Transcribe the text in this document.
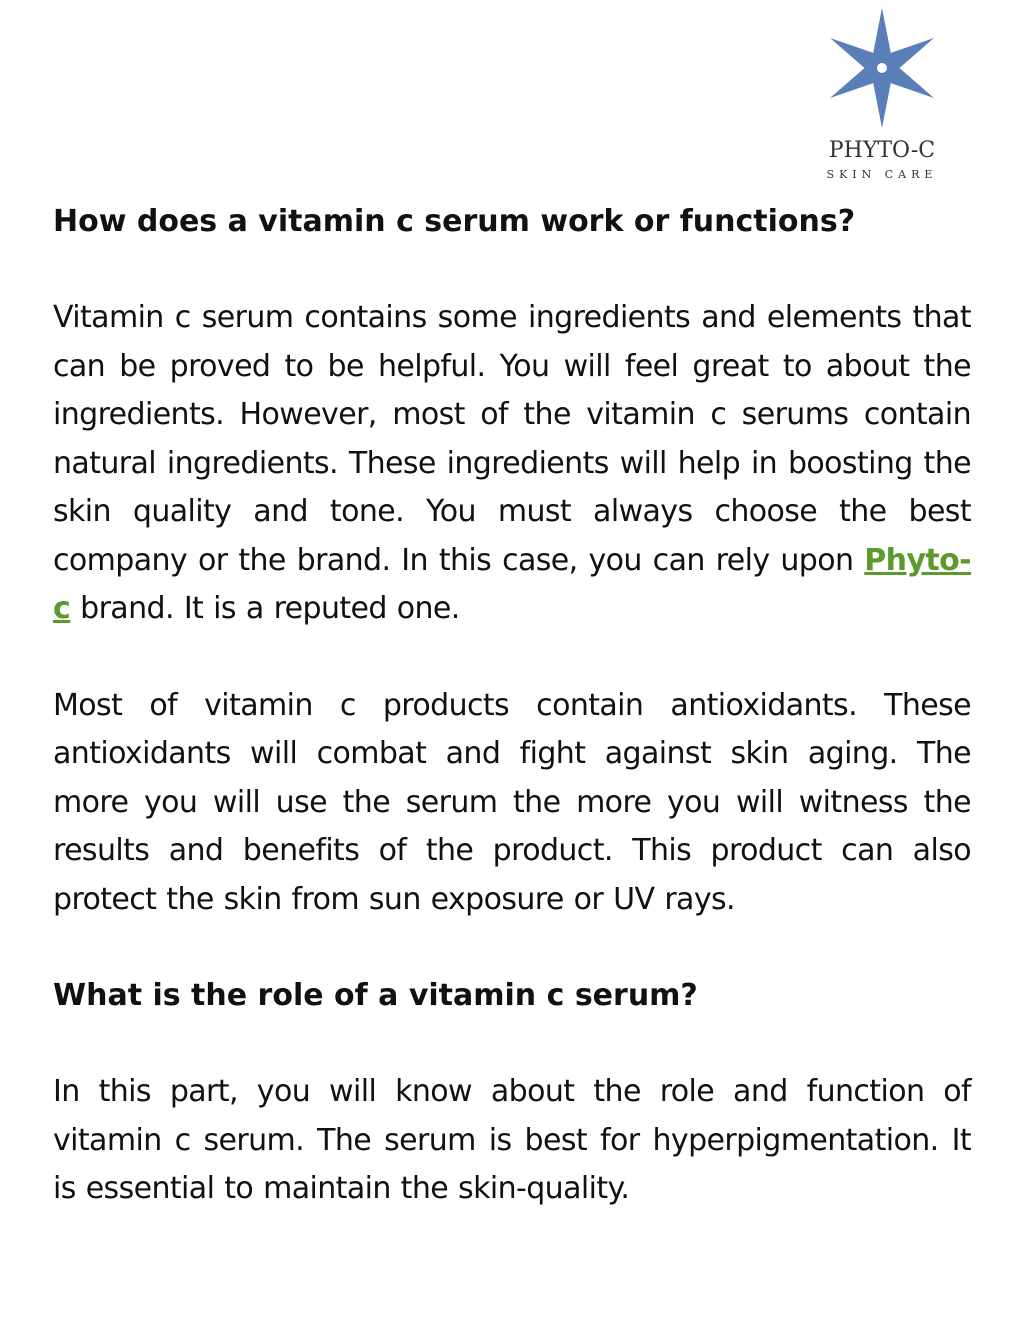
PHYTO-C
SKIN CARE
How does a vitamin c serum work or functions?

Vitamin c serum contains some ingredients and elements that can be proved to be helpful. You will feel great to about the ingredients. However, most of the vitamin c serums contain natural ingredients. These ingredients will help in boosting the skin quality and tone. You must always choose the best company or the brand. In this case, you can rely upon Phyto-c brand. It is a reputed one.

Most of vitamin c products contain antioxidants. These antioxidants will combat and fight against skin aging. The more you will use the serum the more you will witness the results and benefits of the product. This product can also protect the skin from sun exposure or UV rays.

What is the role of a vitamin c serum?

In this part, you will know about the role and function of vitamin c serum. The serum is best for hyperpigmentation. It is essential to maintain the skin-quality.
